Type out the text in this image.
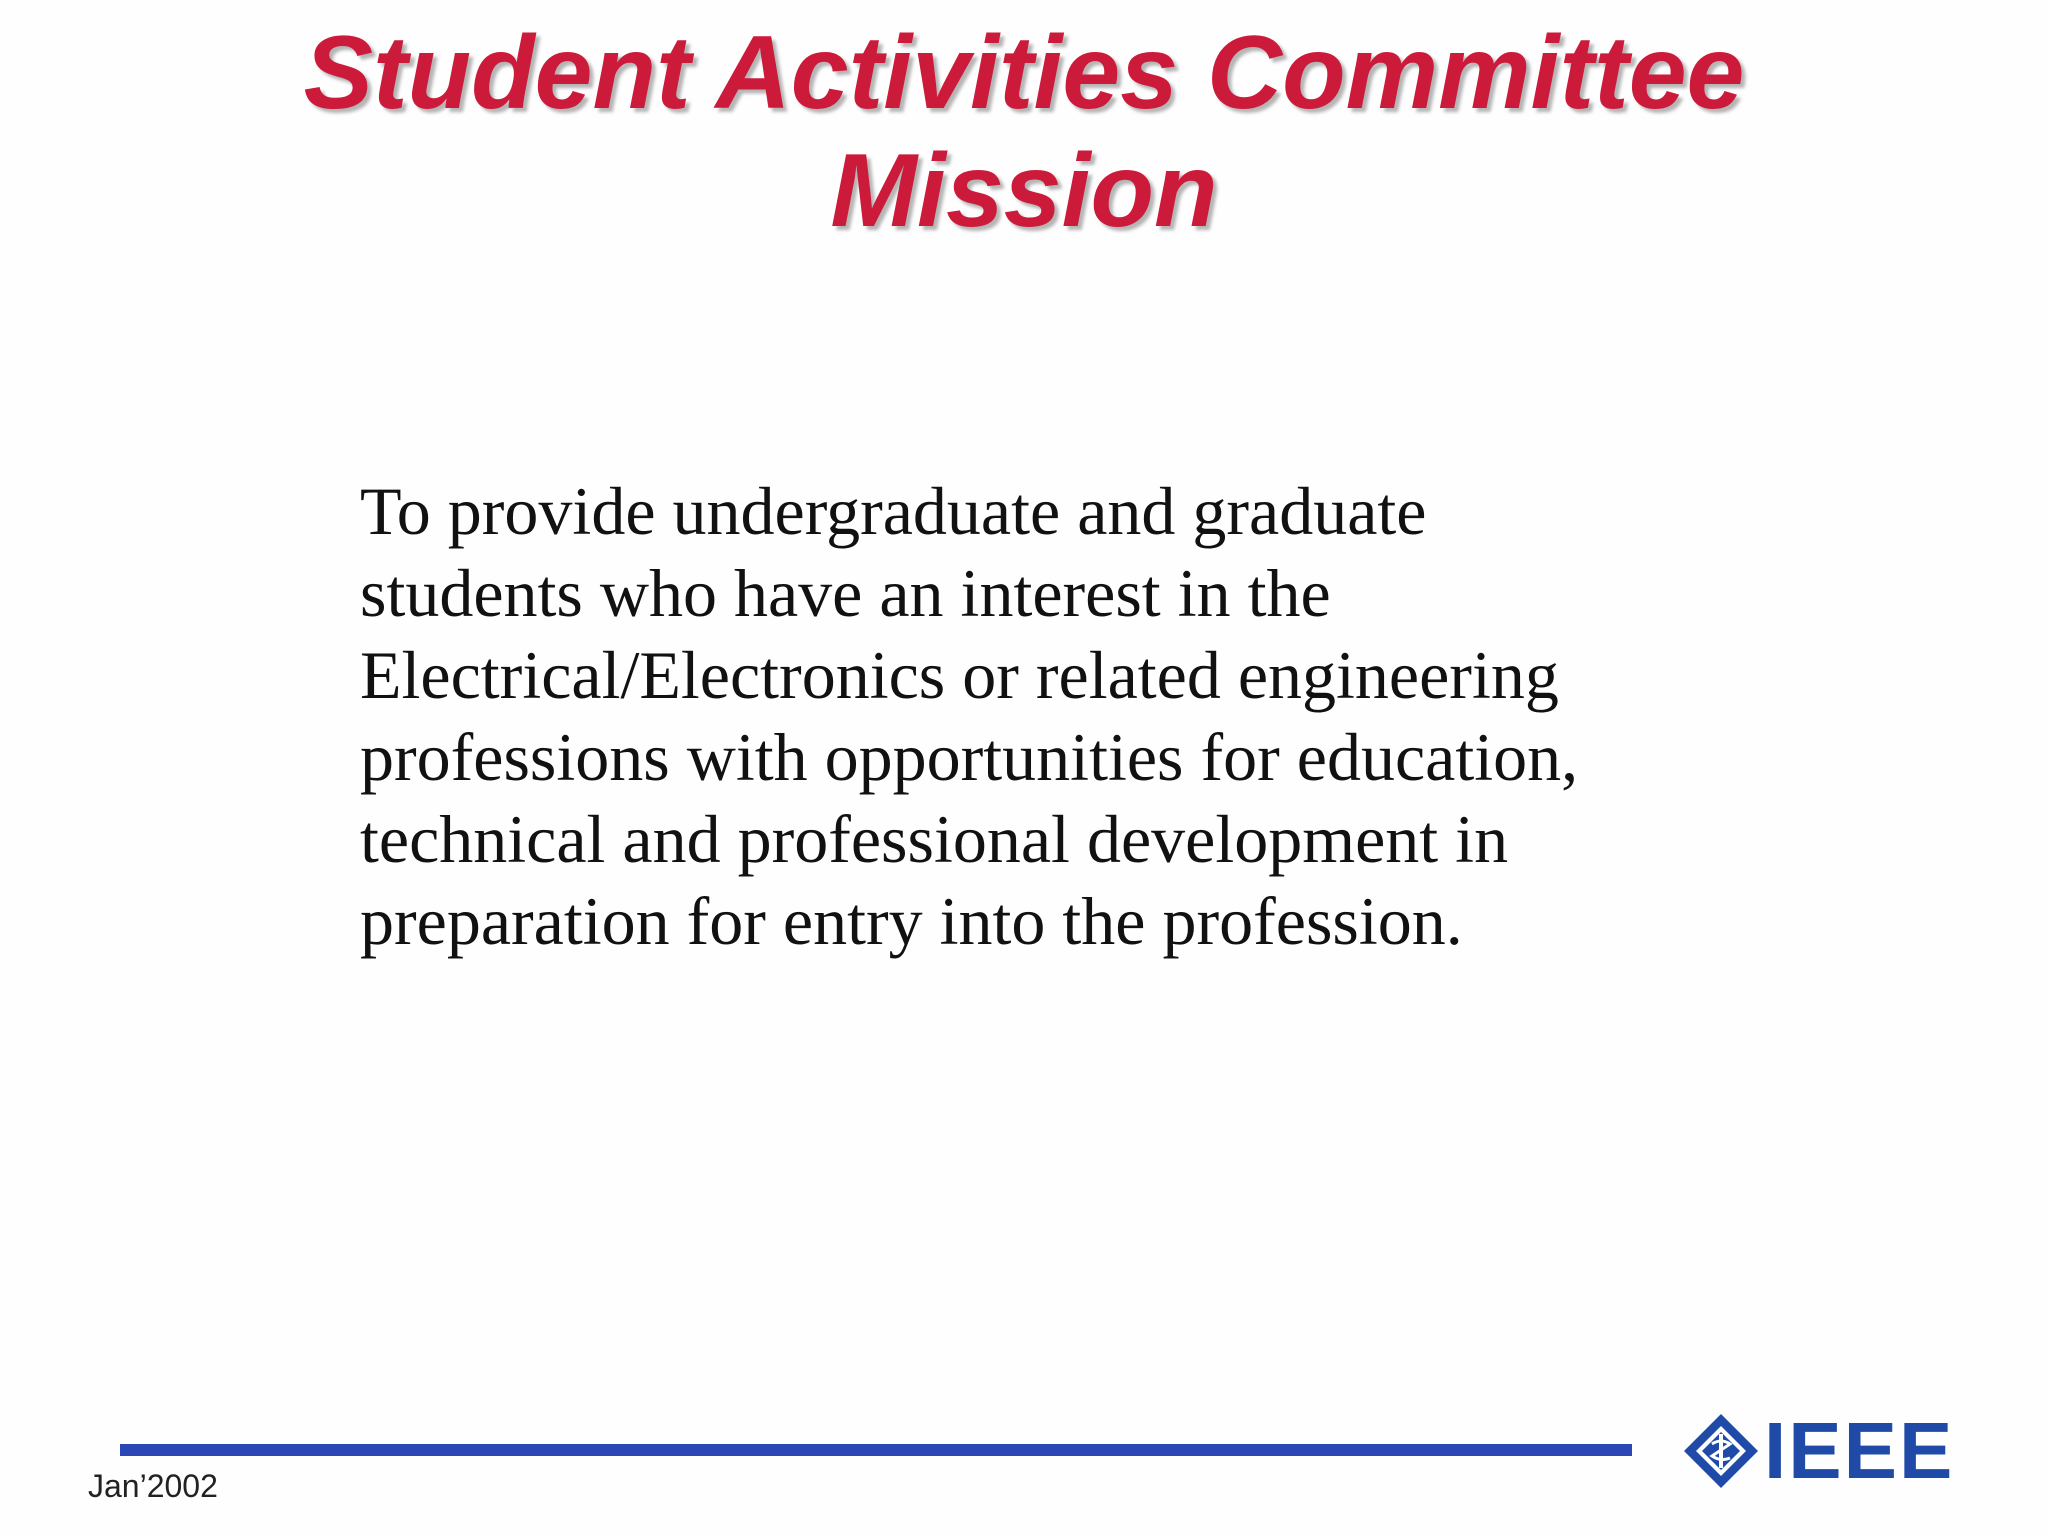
Student Activities Committee
Mission

To provide undergraduate and graduate
students who have an interest in the
Electrical/Electronics or related engineering
professions with opportunities for education,
technical and professional development in
preparation for entry into the profession.

Jan’2002	IEEE
